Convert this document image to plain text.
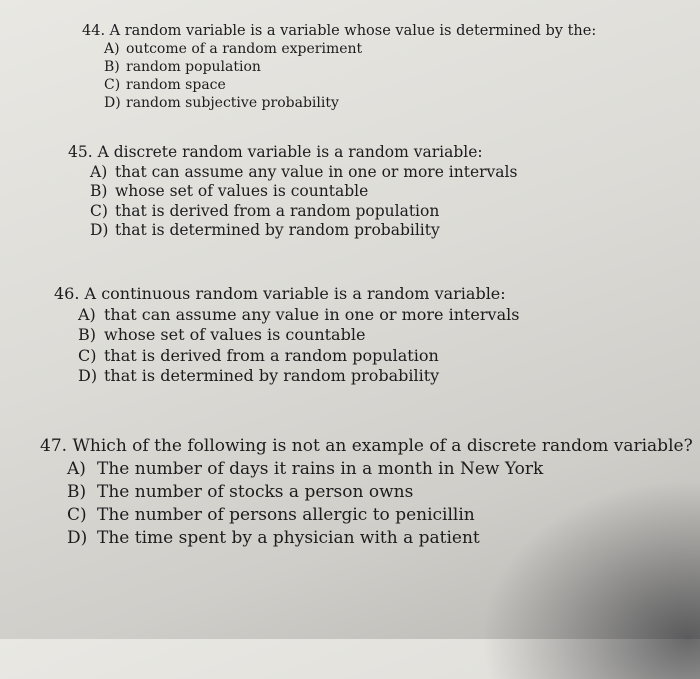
44. A random variable is a variable whose value is determined by the:
A) outcome of a random experiment
B) random population
C) random space
D) random subjective probability
45. A discrete random variable is a random variable:
A) that can assume any value in one or more intervals
B) whose set of values is countable
C) that is derived from a random population
D) that is determined by random probability
46. A continuous random variable is a random variable:
A) that can assume any value in one or more intervals
B) whose set of values is countable
C) that is derived from a random population
D) that is determined by random probability
47. Which of the following is not an example of a discrete random variable?
A) The number of days it rains in a month in New York
B) The number of stocks a person owns
C) The number of persons allergic to penicillin
D) The time spent by a physician with a patient
